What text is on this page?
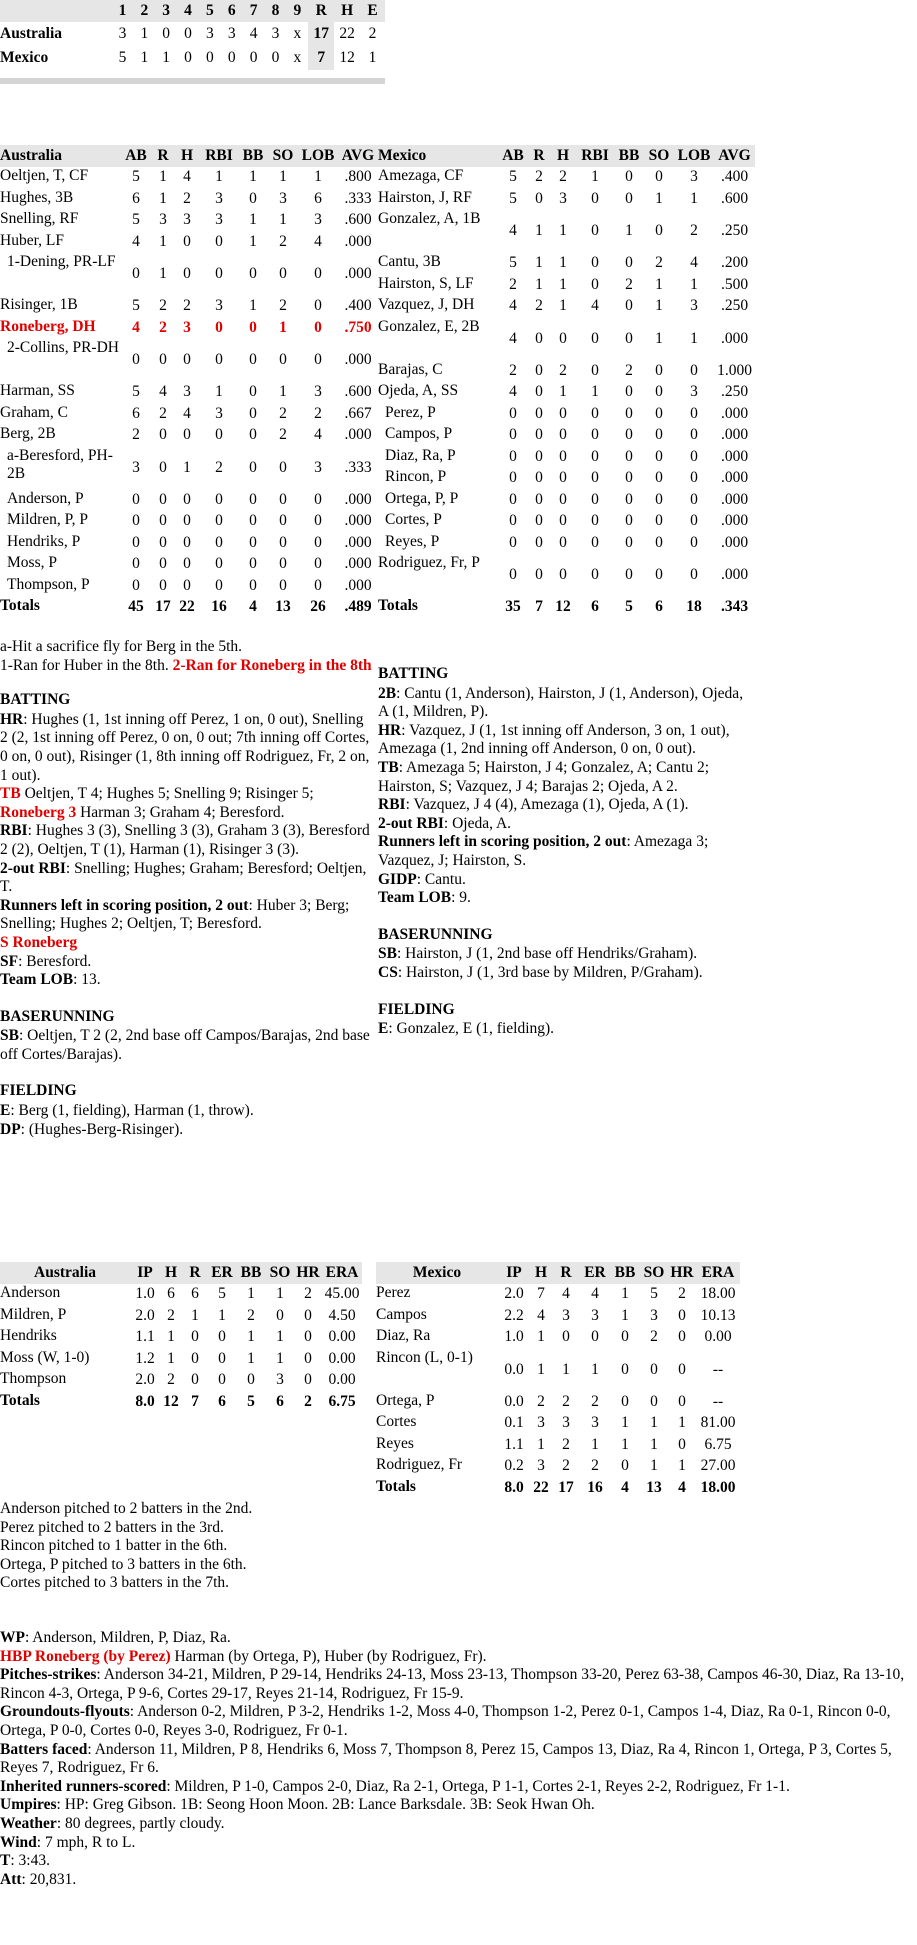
	1	2	3	4	5	6	7	8	9	R	H	E
Australia	3	1	0	0	3	3	4	3	x	17	22	2
Mexico	5	1	1	0	0	0	0	0	x	7	12	1
Australia	AB	R	H	RBI	BB	SO	LOB	AVG
Oeltjen, T, CF	5	1	4	1	1	1	1	.800
Hughes, 3B	6	1	2	3	0	3	6	.333
Snelling, RF	5	3	3	3	1	1	3	.600
Huber, LF	4	1	0	0	1	2	4	.000
1-Dening, PR-LF	0	1	0	0	0	0	0	.000
Risinger, 1B	5	2	2	3	1	2	0	.400
Roneberg, DH	4	2	3	0	0	1	0	.750
2-Collins, PR-DH	0	0	0	0	0	0	0	.000
Harman, SS	5	4	3	1	0	1	3	.600
Graham, C	6	2	4	3	0	2	2	.667
Berg, 2B	2	0	0	0	0	2	4	.000
a-Beresford, PH-2B	3	0	1	2	0	0	3	.333
Anderson, P	0	0	0	0	0	0	0	.000
Mildren, P, P	0	0	0	0	0	0	0	.000
Hendriks, P	0	0	0	0	0	0	0	.000
Moss, P	0	0	0	0	0	0	0	.000
Thompson, P	0	0	0	0	0	0	0	.000
Totals	45	17	22	16	4	13	26	.489
Mexico	AB	R	H	RBI	BB	SO	LOB	AVG
Amezaga, CF	5	2	2	1	0	0	3	.400
Hairston, J, RF	5	0	3	0	0	1	1	.600
Gonzalez, A, 1B	4	1	1	0	1	0	2	.250
Cantu, 3B	5	1	1	0	0	2	4	.200
Hairston, S, LF	2	1	1	0	2	1	1	.500
Vazquez, J, DH	4	2	1	4	0	1	3	.250
Gonzalez, E, 2B	4	0	0	0	0	1	1	.000
Barajas, C	2	0	2	0	2	0	0	1.000
Ojeda, A, SS	4	0	1	1	0	0	3	.250
Perez, P	0	0	0	0	0	0	0	.000
Campos, P	0	0	0	0	0	0	0	.000
Diaz, Ra, P	0	0	0	0	0	0	0	.000
Rincon, P	0	0	0	0	0	0	0	.000
Ortega, P, P	0	0	0	0	0	0	0	.000
Cortes, P	0	0	0	0	0	0	0	.000
Reyes, P	0	0	0	0	0	0	0	.000
Rodriguez, Fr, P	0	0	0	0	0	0	0	.000
Totals	35	7	12	6	5	6	18	.343

a-Hit a sacrifice fly for Berg in the 5th.

1-Ran for Huber in the 8th. 2-Ran for Roneberg in the 8th

BATTING

HR: Hughes (1, 1st inning off Perez, 1 on, 0 out), Snelling 2 (2, 1st inning off Perez, 0 on, 0 out; 7th inning off Cortes, 0 on, 0 out), Risinger (1, 8th inning off Rodriguez, Fr, 2 on, 1 out).

TB Oeltjen, T 4; Hughes 5; Snelling 9; Risinger 5; Roneberg 3 Harman 3; Graham 4; Beresford.

RBI: Hughes 3 (3), Snelling 3 (3), Graham 3 (3), Beresford 2 (2), Oeltjen, T (1), Harman (1), Risinger 3 (3).

2-out RBI: Snelling; Hughes; Graham; Beresford; Oeltjen, T.

Runners left in scoring position, 2 out: Huber 3; Berg; Snelling; Hughes 2; Oeltjen, T; Beresford.

S Roneberg

SF: Beresford.

Team LOB: 13.

BASERUNNING

SB: Oeltjen, T 2 (2, 2nd base off Campos/Barajas, 2nd base off Cortes/Barajas).

FIELDING

E: Berg (1, fielding), Harman (1, throw).

DP: (Hughes-Berg-Risinger).

BATTING

2B: Cantu (1, Anderson), Hairston, J (1, Anderson), Ojeda, A (1, Mildren, P).

HR: Vazquez, J (1, 1st inning off Anderson, 3 on, 1 out), Amezaga (1, 2nd inning off Anderson, 0 on, 0 out).

TB: Amezaga 5; Hairston, J 4; Gonzalez, A; Cantu 2; Hairston, S; Vazquez, J 4; Barajas 2; Ojeda, A 2.

RBI: Vazquez, J 4 (4), Amezaga (1), Ojeda, A (1).

2-out RBI: Ojeda, A.

Runners left in scoring position, 2 out: Amezaga 3; Vazquez, J; Hairston, S.

GIDP: Cantu.

Team LOB: 9.

BASERUNNING

SB: Hairston, J (1, 2nd base off Hendriks/Graham).

CS: Hairston, J (1, 3rd base by Mildren, P/Graham).

FIELDING

E: Gonzalez, E (1, fielding).

Australia	IP	H	R	ER	BB	SO	HR	ERA
Anderson	1.0	6	6	5	1	1	2	45.00
Mildren, P	2.0	2	1	1	2	0	0	4.50
Hendriks	1.1	1	0	0	1	1	0	0.00
Moss (W, 1-0)	1.2	1	0	0	1	1	0	0.00
Thompson	2.0	2	0	0	0	3	0	0.00
Totals	8.0	12	7	6	5	6	2	6.75
Mexico	IP	H	R	ER	BB	SO	HR	ERA
Perez	2.0	7	4	4	1	5	2	18.00
Campos	2.2	4	3	3	1	3	0	10.13
Diaz, Ra	1.0	1	0	0	0	2	0	0.00
Rincon (L, 0-1)	0.0	1	1	1	0	0	0	--
Ortega, P	0.0	2	2	2	0	0	0	--
Cortes	0.1	3	3	3	1	1	1	81.00
Reyes	1.1	1	2	1	1	1	0	6.75
Rodriguez, Fr	0.2	3	2	2	0	1	1	27.00
Totals	8.0	22	17	16	4	13	4	18.00

Anderson pitched to 2 batters in the 2nd.

Perez pitched to 2 batters in the 3rd.

Rincon pitched to 1 batter in the 6th.

Ortega, P pitched to 3 batters in the 6th.

Cortes pitched to 3 batters in the 7th.

WP: Anderson, Mildren, P, Diaz, Ra.

HBP Roneberg (by Perez) Harman (by Ortega, P), Huber (by Rodriguez, Fr).

Pitches-strikes: Anderson 34-21, Mildren, P 29-14, Hendriks 24-13, Moss 23-13, Thompson 33-20, Perez 63-38, Campos 46-30, Diaz, Ra 13-10, Rincon 4-3, Ortega, P 9-6, Cortes 29-17, Reyes 21-14, Rodriguez, Fr 15-9.

Groundouts-flyouts: Anderson 0-2, Mildren, P 3-2, Hendriks 1-2, Moss 4-0, Thompson 1-2, Perez 0-1, Campos 1-4, Diaz, Ra 0-1, Rincon 0-0, Ortega, P 0-0, Cortes 0-0, Reyes 3-0, Rodriguez, Fr 0-1.

Batters faced: Anderson 11, Mildren, P 8, Hendriks 6, Moss 7, Thompson 8, Perez 15, Campos 13, Diaz, Ra 4, Rincon 1, Ortega, P 3, Cortes 5, Reyes 7, Rodriguez, Fr 6.

Inherited runners-scored: Mildren, P 1-0, Campos 2-0, Diaz, Ra 2-1, Ortega, P 1-1, Cortes 2-1, Reyes 2-2, Rodriguez, Fr 1-1.

Umpires: HP: Greg Gibson. 1B: Seong Hoon Moon. 2B: Lance Barksdale. 3B: Seok Hwan Oh.

Weather: 80 degrees, partly cloudy.

Wind: 7 mph, R to L.

T: 3:43.

Att: 20,831.
